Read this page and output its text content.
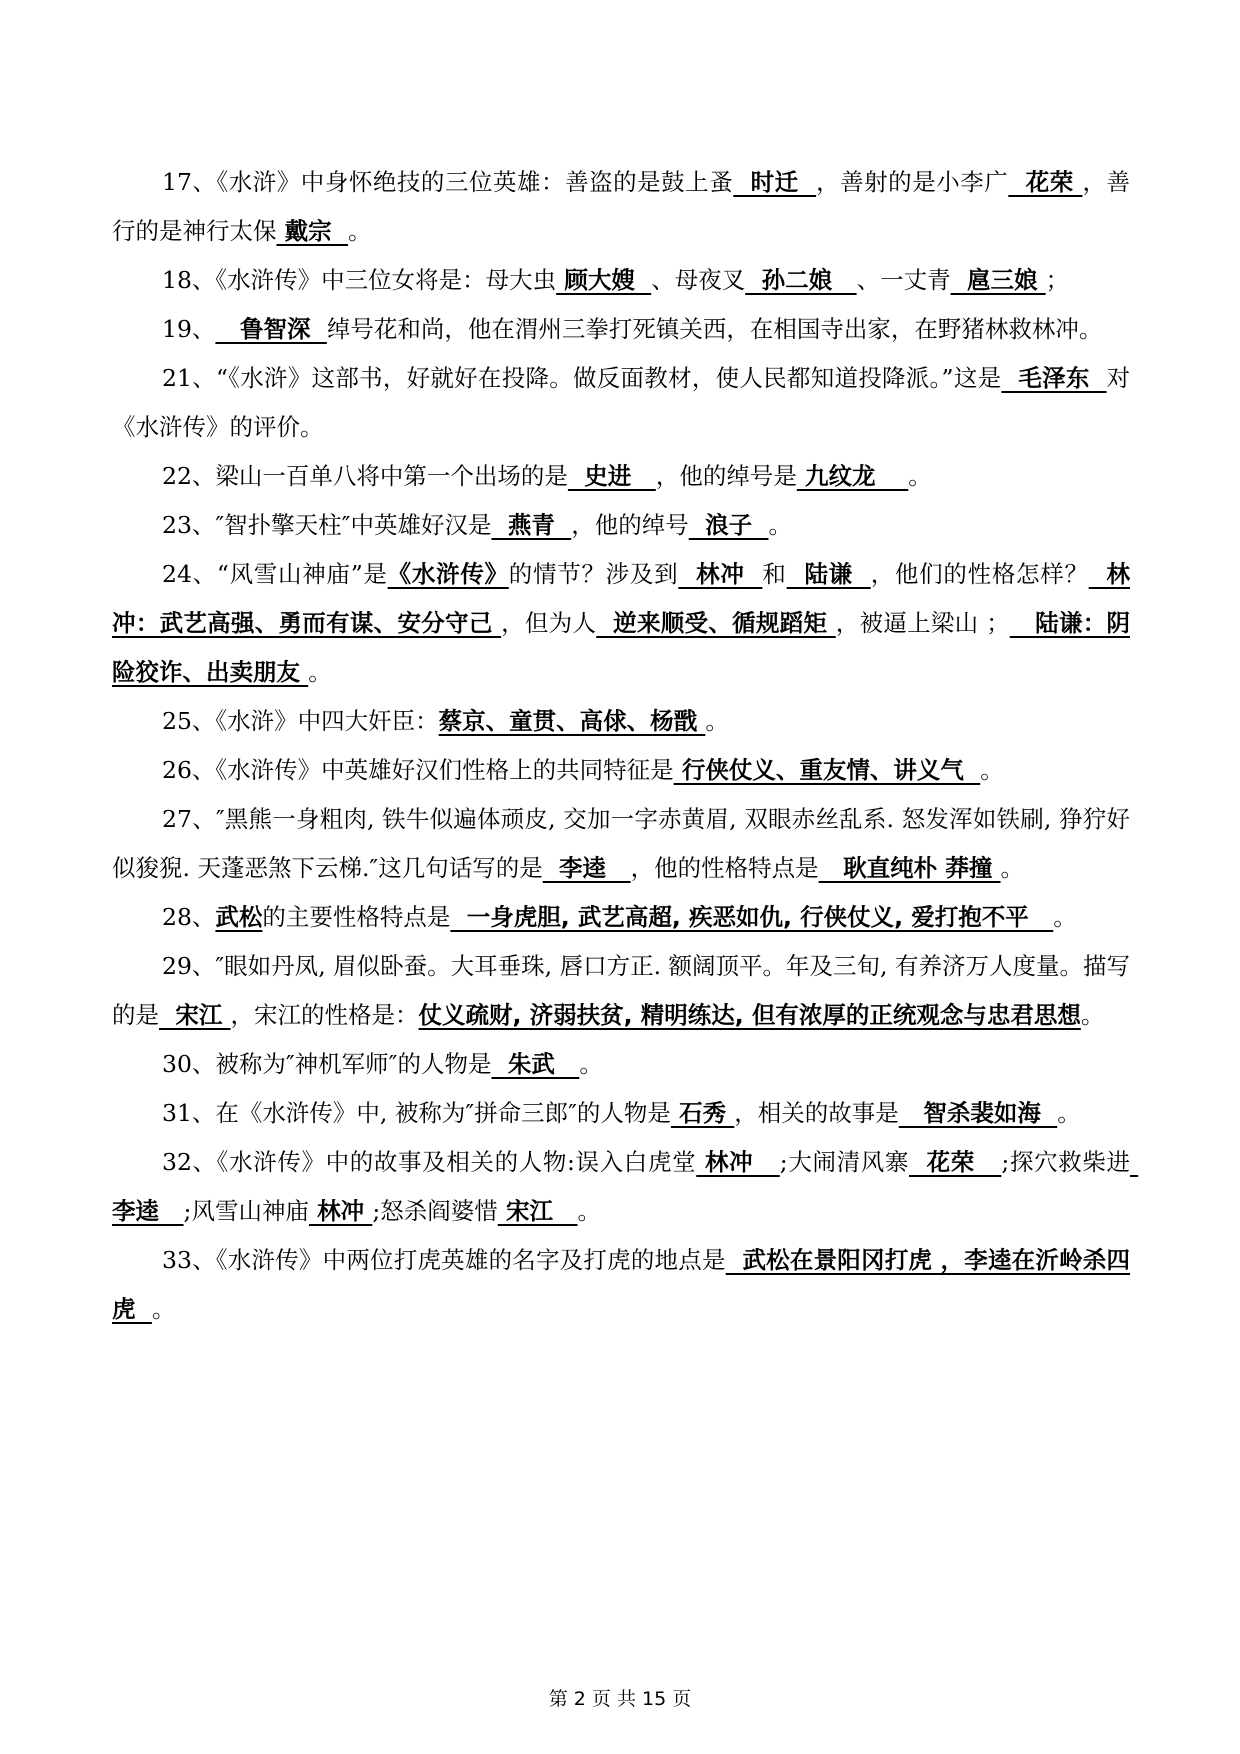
17、《水浒》中身怀绝技的三位英雄：善盗的是鼓上蚤  时迁  ，善射的是小李广  花荣 ，善行的是神行太保 戴宗  。

18、《水浒传》中三位女将是：母大虫 顾大嫂  、母夜叉  孙二娘   、一丈青  扈三娘 ；

19、   鲁智深  绰号花和尚，他在渭州三拳打死镇关西，在相国寺出家，在野猪林救林冲。

21、“《水浒》这部书，好就好在投降。做反面教材，使人民都知道投降派。”这是  毛泽东  对《水浒传》的评价。

22、梁山一百单八将中第一个出场的是  史进   ，他的绰号是 九纹龙    。

23、″智扑擎天柱″中英雄好汉是  燕青  ，他的绰号  浪子  。

24、“风雪山神庙”是《水浒传》的情节？涉及到  林冲  和  陆谦  ，他们的性格怎样？  林冲：武艺高强、勇而有谋、安分守己 ，但为人  逆来顺受、循规蹈矩 ，被逼上梁山 ；   陆谦：阴险狡诈、出卖朋友 。

25、《水浒》中四大奸臣：蔡京、童贯、高俅、杨戬 。

26、《水浒传》中英雄好汉们性格上的共同特征是 行侠仗义、重友情、讲义气  。

27、″黑熊一身粗肉, 铁牛似遍体顽皮, 交加一字赤黄眉, 双眼赤丝乱系. 怒发浑如铁刷, 狰狞好似狻猊. 天蓬恶煞下云梯.″这几句话写的是  李逵   ，他的性格特点是   耿直纯朴 莽撞 。

28、武松的主要性格特点是  一身虎胆, 武艺高超, 疾恶如仇, 行侠仗义, 爱打抱不平   。

29、″眼如丹凤, 眉似卧蚕。大耳垂珠, 唇口方正. 额阔顶平。年及三旬, 有养济万人度量。描写的是  宋江 ，宋江的性格是：仗义疏财, 济弱扶贫, 精明练达, 但有浓厚的正统观念与忠君思想。

30、被称为″神机军师″的人物是  朱武   。

31、在《水浒传》中, 被称为″拼命三郎″的人物是 石秀 ，相关的故事是   智杀裴如海  。

32、《水浒传》中的故事及相关的人物:误入白虎堂 林冲   ;大闹清风寨  花荣   ;探穴救柴进 李逵   ;风雪山神庙 林冲 ;怒杀阎婆惜 宋江   。

33、《水浒传》中两位打虎英雄的名字及打虎的地点是  武松在景阳冈打虎 ，李逵在沂岭杀四虎  。

第 2 页 共 15 页
